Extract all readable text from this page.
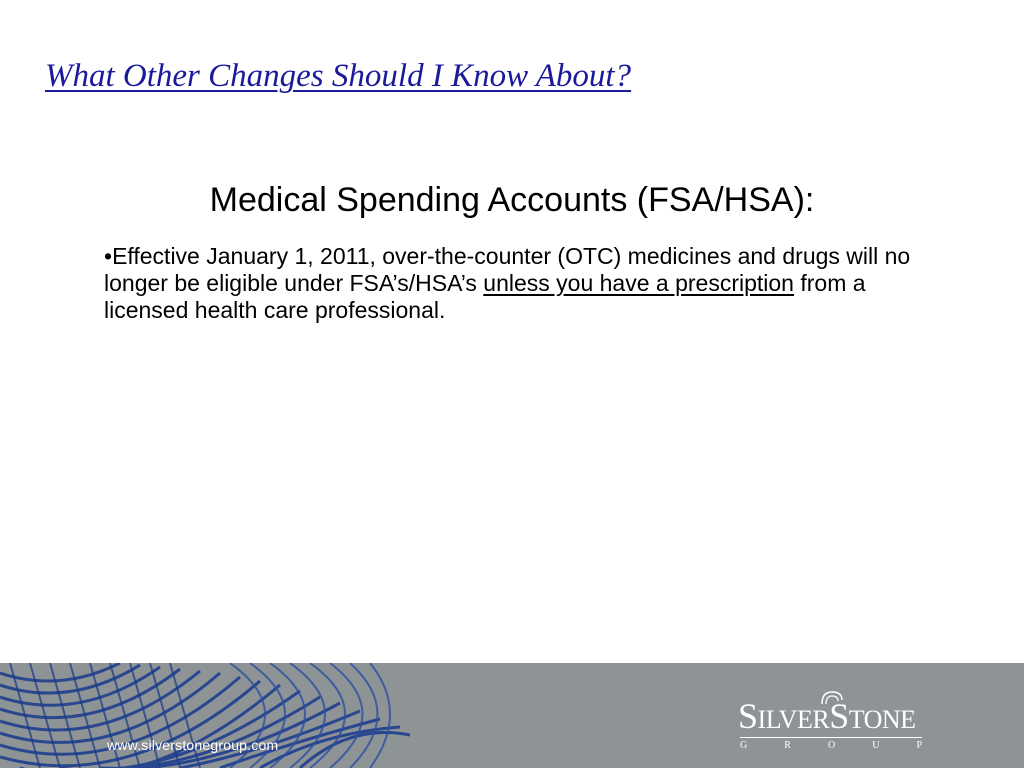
What Other Changes Should I Know About?
Medical Spending Accounts (FSA/HSA):

•Effective January 1, 2011, over-the-counter (OTC) medicines and drugs will no longer be eligible under FSA’s/HSA’s unless you have a prescription from a licensed health care professional.

www.silverstonegroup.com
SILVERSTONE
G	R	O	U	P
